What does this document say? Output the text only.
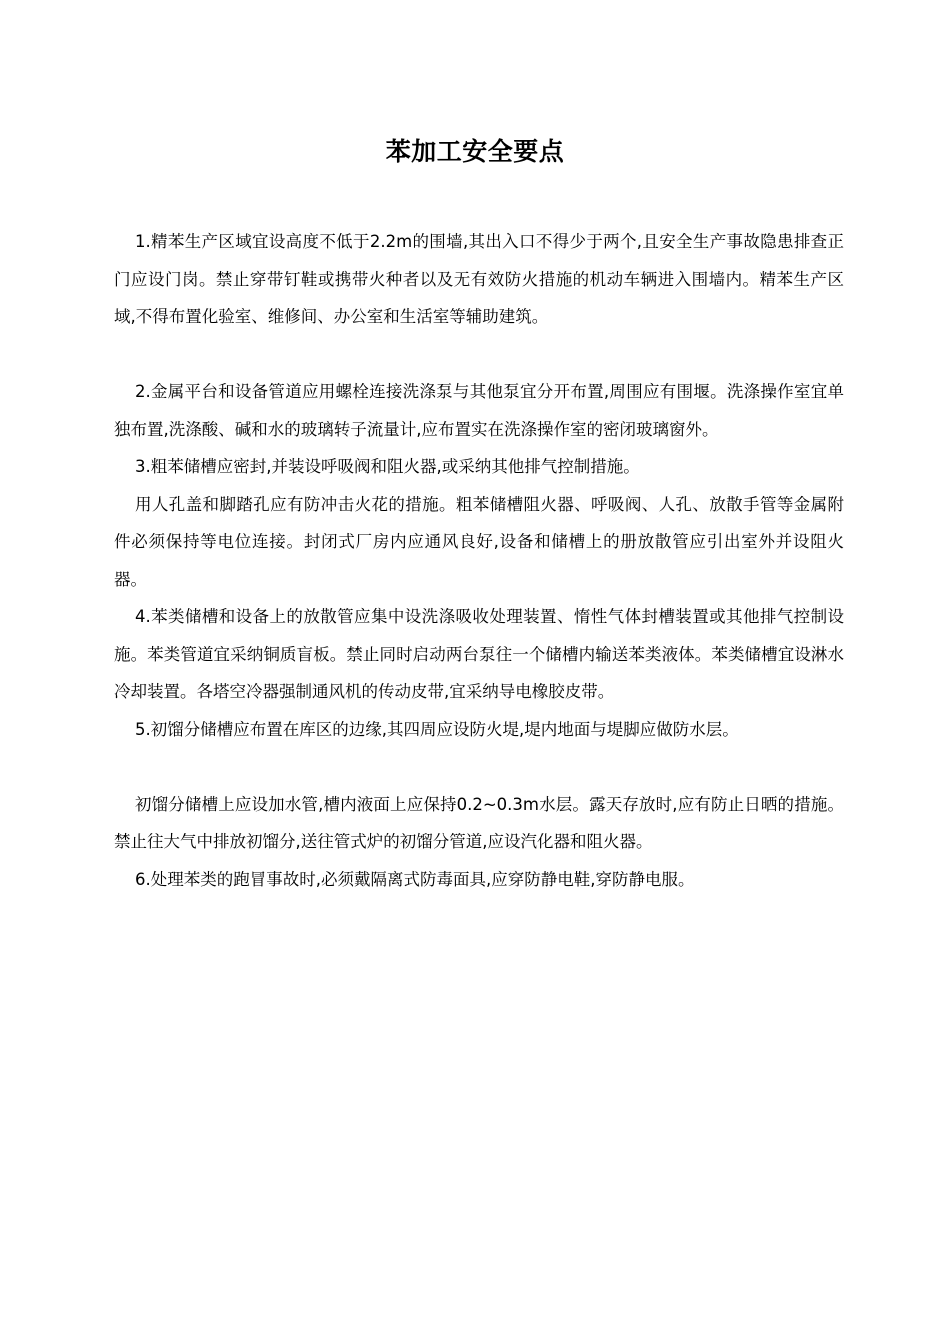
苯加工安全要点

1.精苯生产区域宜设高度不低于2.2m的围墙,其出入口不得少于两个,且安全生产事故隐患排查正门应设门岗。禁止穿带钉鞋或携带火种者以及无有效防火措施的机动车辆进入围墙内。精苯生产区域,不得布置化验室、维修间、办公室和生活室等辅助建筑。

2.金属平台和设备管道应用螺栓连接洗涤泵与其他泵宜分开布置,周围应有围堰。洗涤操作室宜单独布置,洗涤酸、碱和水的玻璃转子流量计,应布置实在洗涤操作室的密闭玻璃窗外。

3.粗苯储槽应密封,并装设呼吸阀和阻火器,或采纳其他排气控制措施。

用人孔盖和脚踏孔应有防冲击火花的措施。粗苯储槽阻火器、呼吸阀、人孔、放散手管等金属附件必须保持等电位连接。封闭式厂房内应通风良好,设备和储槽上的册放散管应引出室外并设阻火器。

4.苯类储槽和设备上的放散管应集中设洗涤吸收处理装置、惰性气体封槽装置或其他排气控制设施。苯类管道宜采纳铜质盲板。禁止同时启动两台泵往一个储槽内输送苯类液体。苯类储槽宜设淋水冷却装置。各塔空冷器强制通风机的传动皮带,宜采纳导电橡胶皮带。

5.初馏分储槽应布置在库区的边缘,其四周应设防火堤,堤内地面与堤脚应做防水层。

初馏分储槽上应设加水管,槽内液面上应保持0.2~0.3m水层。露天存放时,应有防止日晒的措施。禁止往大气中排放初馏分,送往管式炉的初馏分管道,应设汽化器和阻火器。

6.处理苯类的跑冒事故时,必须戴隔离式防毒面具,应穿防静电鞋,穿防静电服。
